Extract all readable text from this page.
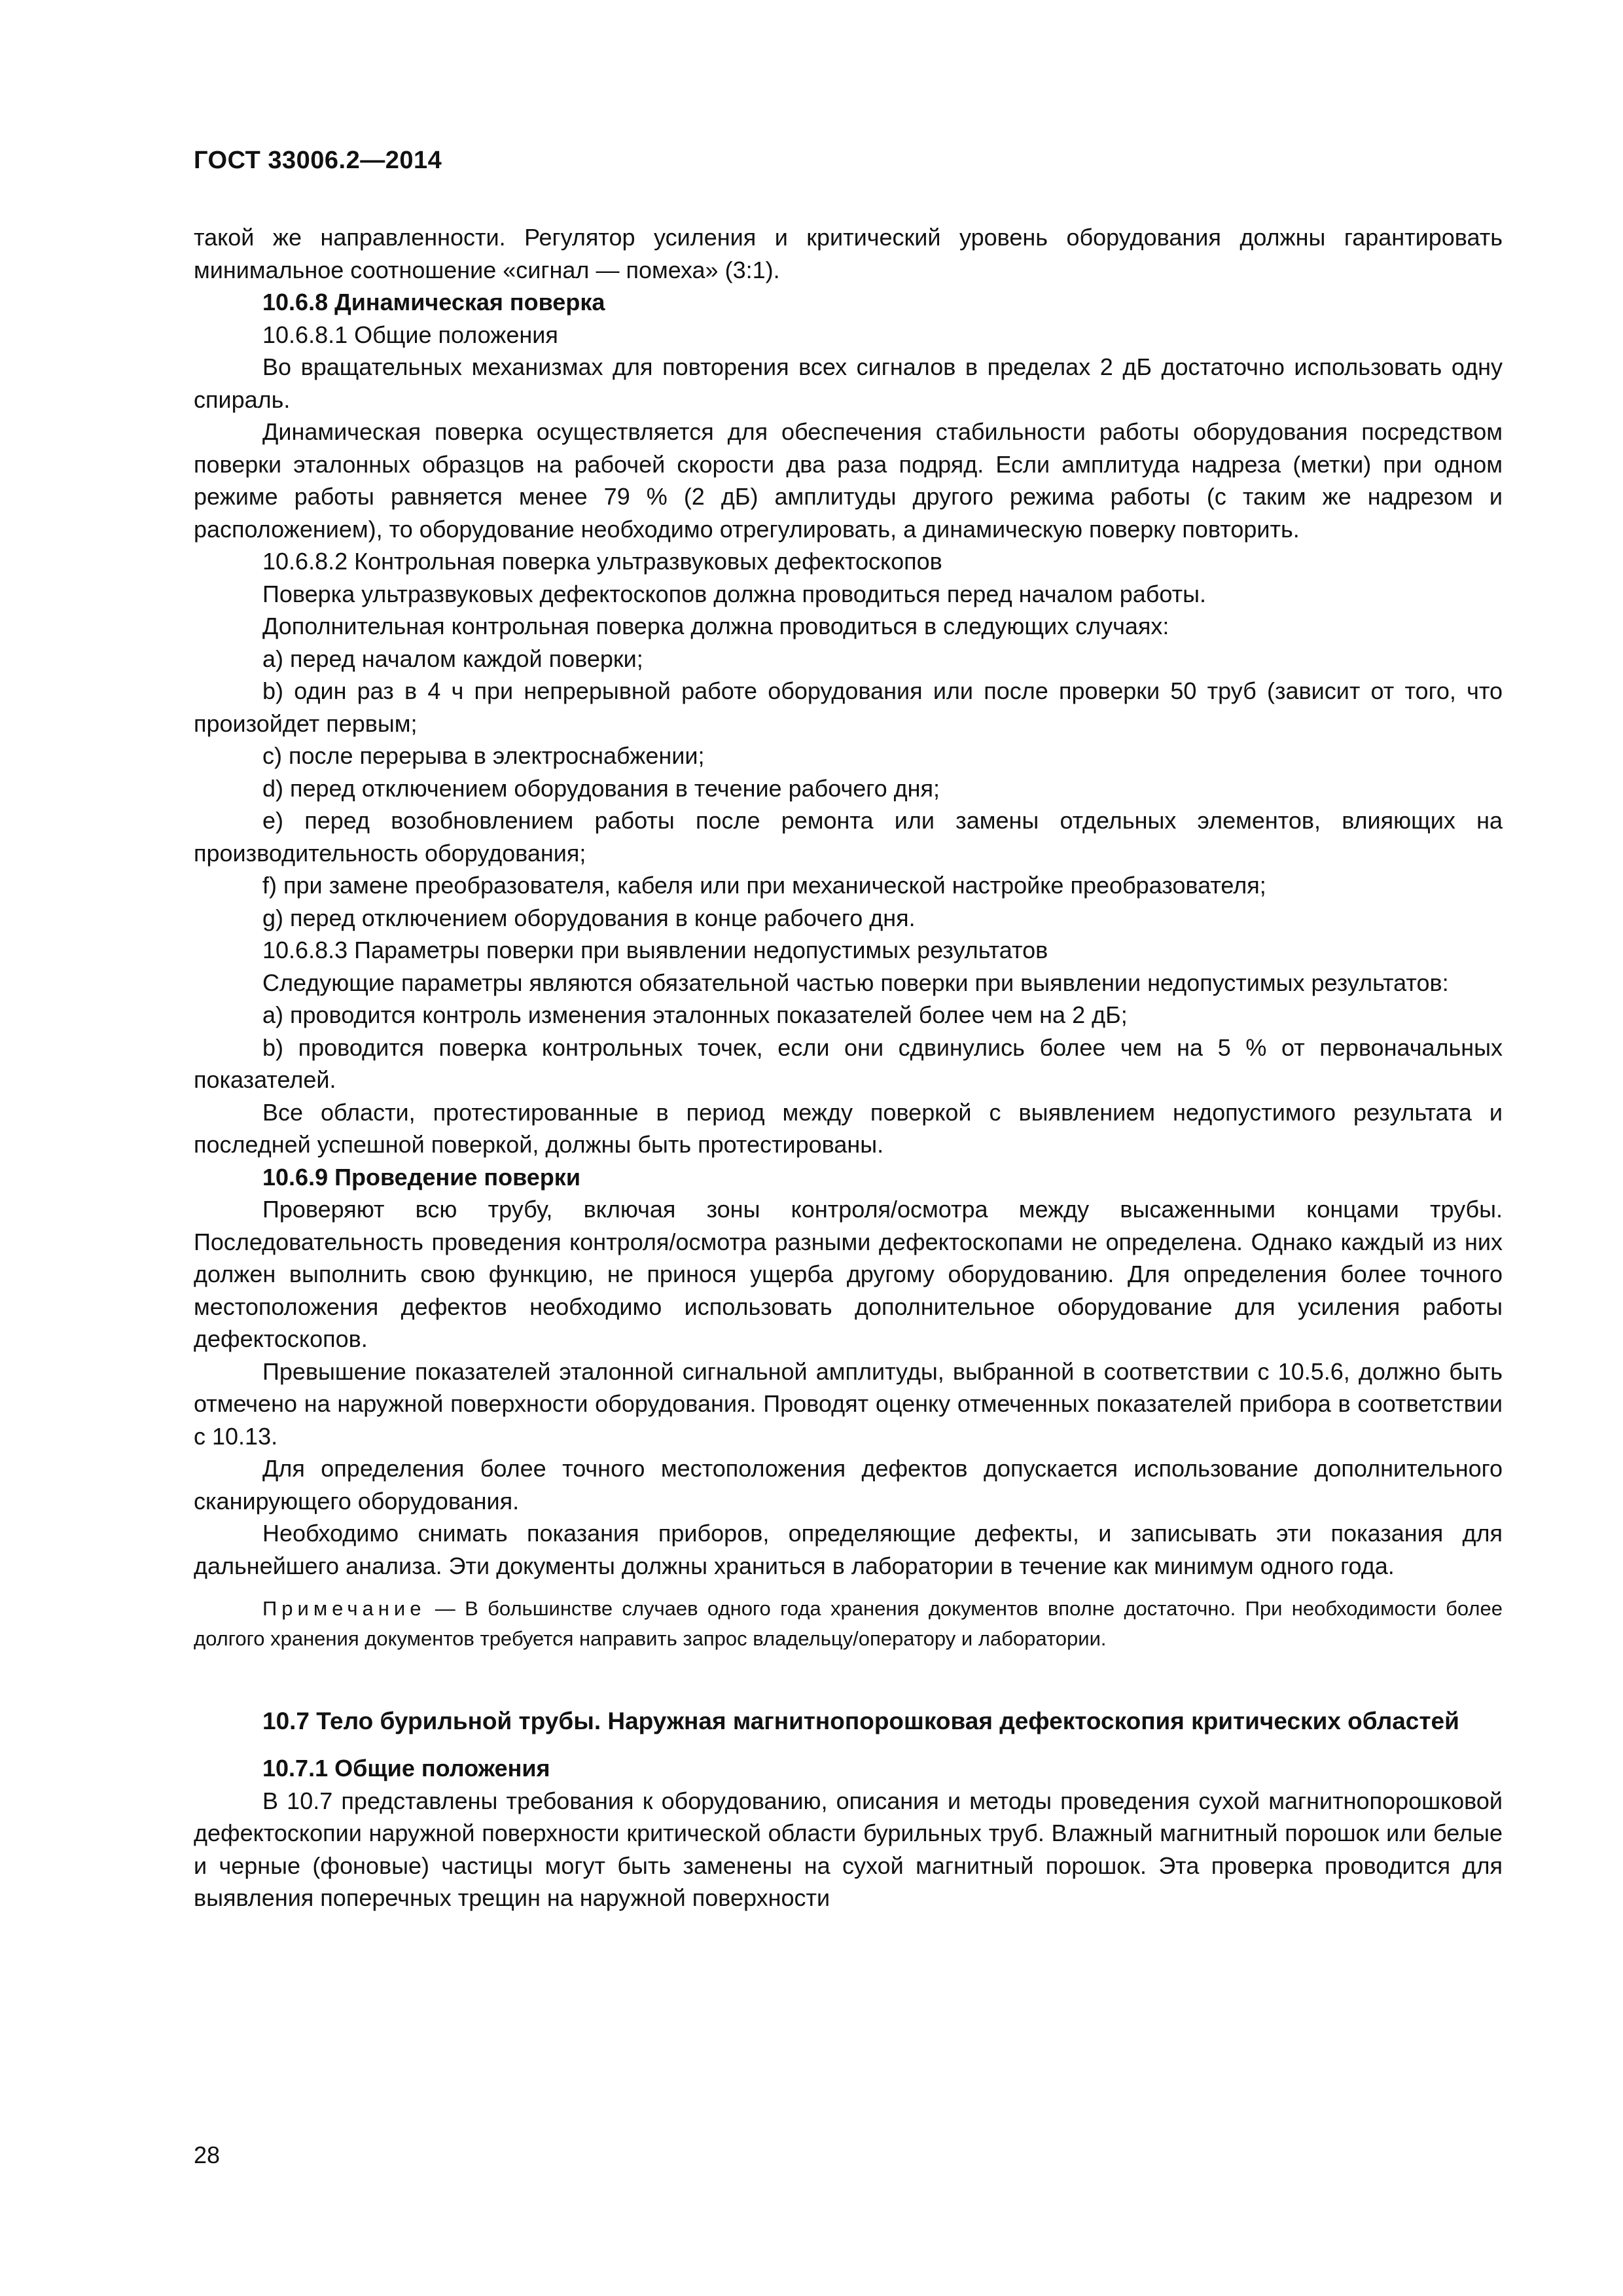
ГОСТ 33006.2—2014

такой же направленности. Регулятор усиления и критический уровень оборудования должны гарантировать минимальное соотношение «сигнал — помеха» (3:1).

10.6.8 Динамическая поверка

10.6.8.1 Общие положения

Во вращательных механизмах для повторения всех сигналов в пределах 2 дБ достаточно использовать одну спираль.

Динамическая поверка осуществляется для обеспечения стабильности работы оборудования посредством поверки эталонных образцов на рабочей скорости два раза подряд. Если амплитуда надреза (метки) при одном режиме работы равняется менее 79 % (2 дБ) амплитуды другого режима работы (с таким же надрезом и расположением), то оборудование необходимо отрегулировать, а динамическую поверку повторить.

10.6.8.2 Контрольная поверка ультразвуковых дефектоскопов

Поверка ультразвуковых дефектоскопов должна проводиться перед началом работы.

Дополнительная контрольная поверка должна проводиться в следующих случаях:

a) перед началом каждой поверки;

b) один раз в 4 ч при непрерывной работе оборудования или после проверки 50 труб (зависит от того, что произойдет первым;

c) после перерыва в электроснабжении;

d) перед отключением оборудования в течение рабочего дня;

e) перед возобновлением работы после ремонта или замены отдельных элементов, влияющих на производительность оборудования;

f) при замене преобразователя, кабеля или при механической настройке преобразователя;

g) перед отключением оборудования в конце рабочего дня.

10.6.8.3 Параметры поверки при выявлении недопустимых результатов

Следующие параметры являются обязательной частью поверки при выявлении недопустимых результатов:

a) проводится контроль изменения эталонных показателей более чем на 2 дБ;

b) проводится поверка контрольных точек, если они сдвинулись более чем на 5 % от первоначальных показателей.

Все области, протестированные в период между поверкой с выявлением недопустимого результата и последней успешной поверкой, должны быть протестированы.

10.6.9 Проведение поверки

Проверяют всю трубу, включая зоны контроля/осмотра между высаженными концами трубы. Последовательность проведения контроля/осмотра разными дефектоскопами не определена. Однако каждый из них должен выполнить свою функцию, не принося ущерба другому оборудованию. Для определения более точного местоположения дефектов необходимо использовать дополнительное оборудование для усиления работы дефектоскопов.

Превышение показателей эталонной сигнальной амплитуды, выбранной в соответствии с 10.5.6, должно быть отмечено на наружной поверхности оборудования. Проводят оценку отмеченных показателей прибора в соответствии с 10.13.

Для определения более точного местоположения дефектов допускается использование дополнительного сканирующего оборудования.

Необходимо снимать показания приборов, определяющие дефекты, и записывать эти показания для дальнейшего анализа. Эти документы должны храниться в лаборатории в течение как минимум одного года.

Примечание — В большинстве случаев одного года хранения документов вполне достаточно. При необходимости более долгого хранения документов требуется направить запрос владельцу/оператору и лаборатории.

10.7 Тело бурильной трубы. Наружная магнитнопорошковая дефектоскопия критических областей

10.7.1 Общие положения

В 10.7 представлены требования к оборудованию, описания и методы проведения сухой магнитнопорошковой дефектоскопии наружной поверхности критической области бурильных труб. Влажный магнитный порошок или белые и черные (фоновые) частицы могут быть заменены на сухой магнитный порошок. Эта проверка проводится для выявления поперечных трещин на наружной поверхности

28
